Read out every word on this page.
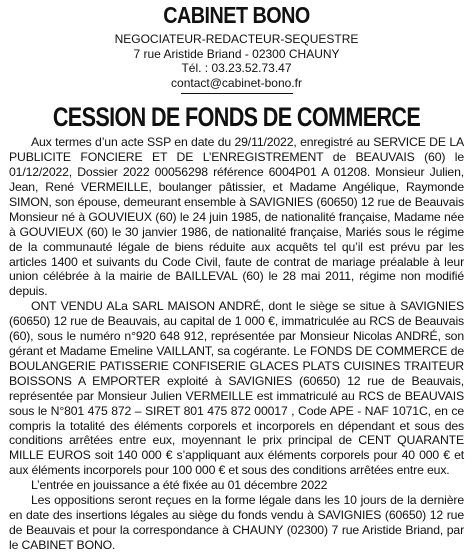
CABINET BONO
NEGOCIATEUR-REDACTEUR-SEQUESTRE
7 rue Aristide Briand - 02300 CHAUNY
Tél. : 03.23.52.73.47
contact@cabinet-bono.fr
CESSION DE FONDS DE COMMERCE

Aux termes d’un acte SSP en date du 29/11/2022, enregistré au SERVICE DE LA PUBLICITE FONCIERE ET DE L’ENREGISTREMENT de BEAUVAIS (60) le 01/12/2022, Dossier 2022 00056298 référence 6004P01 A 01208. Monsieur Julien, Jean, René VERMEILLE, boulanger pâtissier, et Madame Angélique, Raymonde SIMON, son épouse, demeurant ensemble à SAVIGNIES (60650) 12 rue de Beauvais Monsieur né à GOUVIEUX (60) le 24 juin 1985, de nationalité française, Madame née à GOUVIEUX (60) le 30 janvier 1986, de nationalité française, Mariés sous le régime de la communauté légale de biens réduite aux acquêts tel qu’il est prévu par les articles 1400 et suivants du Code Civil, faute de contrat de mariage préalable à leur union célébrée à la mairie de BAILLEVAL (60) le 28 mai 2011, régime non modifié depuis.

ONT VENDU ALa SARL MAISON ANDRÉ, dont le siège se situe à SAVIGNIES (60650) 12 rue de Beauvais, au capital de 1 000 €, immatriculée au RCS de Beauvais (60), sous le numéro n°920 648 912, représentée par Monsieur Nicolas ANDRÉ, son gérant et Madame Emeline VAILLANT, sa cogérante. Le FONDS DE COMMERCE de BOULANGERIE PATISSERIE CONFISERIE GLACES PLATS CUISINES TRAITEUR BOISSONS A EMPORTER exploité à SAVIGNIES (60650) 12 rue de Beauvais, représentée par Monsieur Julien VERMEILLE est immatriculé au RCS de BEAUVAIS sous le N°801 475 872 – SIRET 801 475 872 00017 , Code APE - NAF 1071C, en ce compris la totalité des éléments corporels et incorporels en dépendant et sous des conditions arrêtées entre eux, moyennant le prix principal de CENT QUARANTE MILLE EUROS soit 140 000 € s’appliquant aux éléments corporels pour 40 000 € et aux éléments incorporels pour 100 000 € et sous des conditions arrêtées entre eux.

L’entrée en jouissance a été fixée au 01 décembre 2022

Les oppositions seront reçues en la forme légale dans les 10 jours de la dernière en date des insertions légales au siège du fonds vendu à SAVIGNIES (60650) 12 rue de Beauvais et pour la correspondance à CHAUNY (02300) 7 rue Aristide Briand, par le CABINET BONO.
